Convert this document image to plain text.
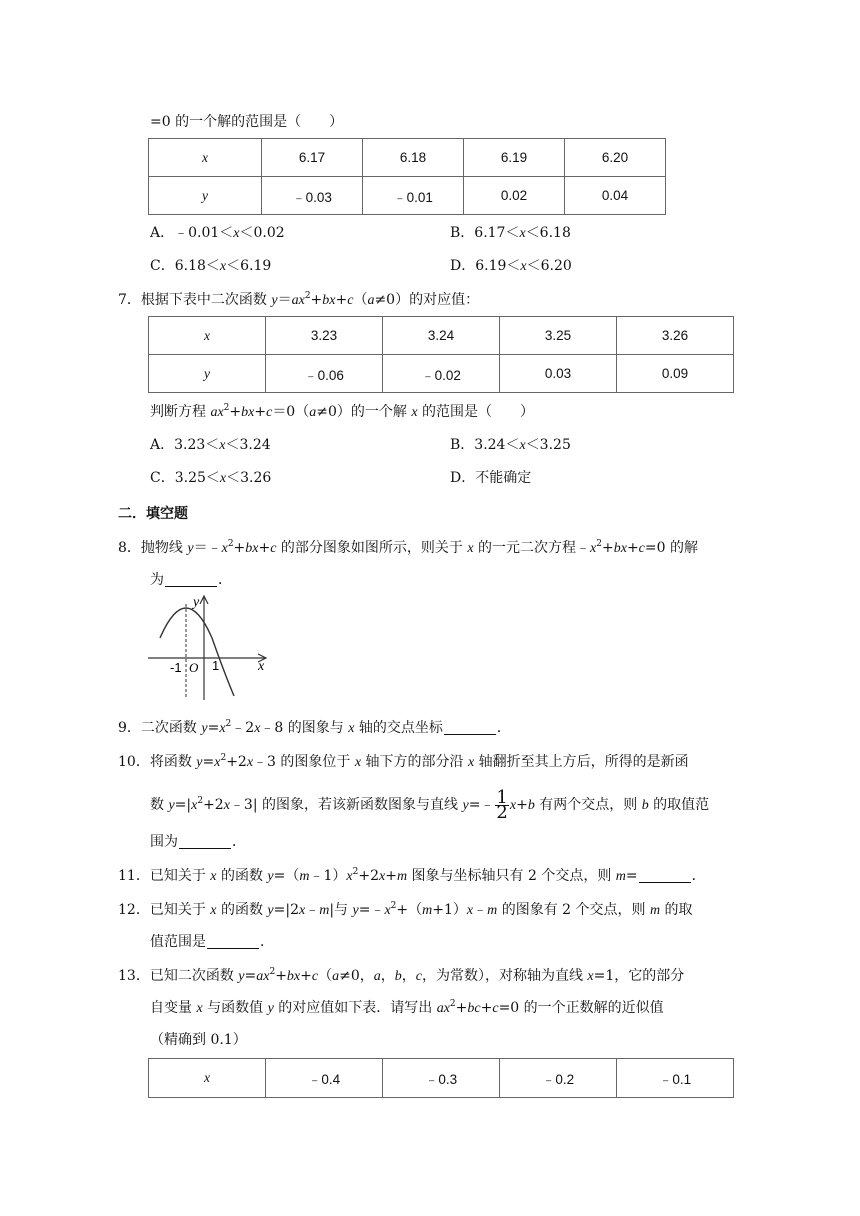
=0 的一个解的范围是（　　）
x	6.17	6.18	6.19	6.20
y	﹣0.03	﹣0.01	0.02	0.04
A．﹣0.01＜x＜0.02	B．6.17＜x＜6.18
C．6.18＜x＜6.19	D．6.19＜x＜6.20
7．根据下表中二次函数 $y=ax^2+bx+c(a\ne 0)$的对应值：
x	3.23	3.24	3.25	3.26
y	﹣0.06	﹣0.02	0.03	0.09
判断方程 $ax^2+bx+c=0(a\ne 0)$的一个解 x 的范围是（　　）
A．3.23＜x＜3.24	B．3.24＜x＜3.25
C．3.25＜x＜3.26	D．不能确定
二．填空题
8．抛物线 $y=﹣x^2+bx+c$ 的部分图象如图所示，则关于 x 的一元二次方程$﹣x^2+bx+c=0$ 的解
为	．
y
x
O
-1 1
9．二次函数 $y=x^2﹣2x﹣8$ 的图象与 x 轴的交点坐标	．
10．将函数 $y=x^2+2x﹣3$ 的图象位于 x 轴下方的部分沿 x 轴翻折至其上方后，所得的是新函
数 $y=|x^2+2x﹣3|$ 的图象，若该新函数图象与直线 y=﹣ $\frac{1}{2} x+b$ 有两个交点，则 b 的取值范
围为	．
11．已知关于 x 的函数 $y=(m﹣1)x^2+2x+m$ 图象与坐标轴只有 2 个交点，则 m=	．
12．已知关于 x 的函数 y=|2x﹣m|与 $y=﹣x^2+(m+1)x﹣m$ 的图象有 2 个交点，则 m 的取
值范围是	．
13．已知二次函数 $y=ax^2+bx+c(a\ne 0$，a，b，c，为常数），对称轴为直线 x=1，它的部分
自变量 x 与函数值 y 的对应值如下表．请写出 $ax^2+bc+c=0$ 的一个正数解的近似值
（精确到 0.1）
x	﹣0.4	﹣0.3	﹣0.2	﹣0.1
